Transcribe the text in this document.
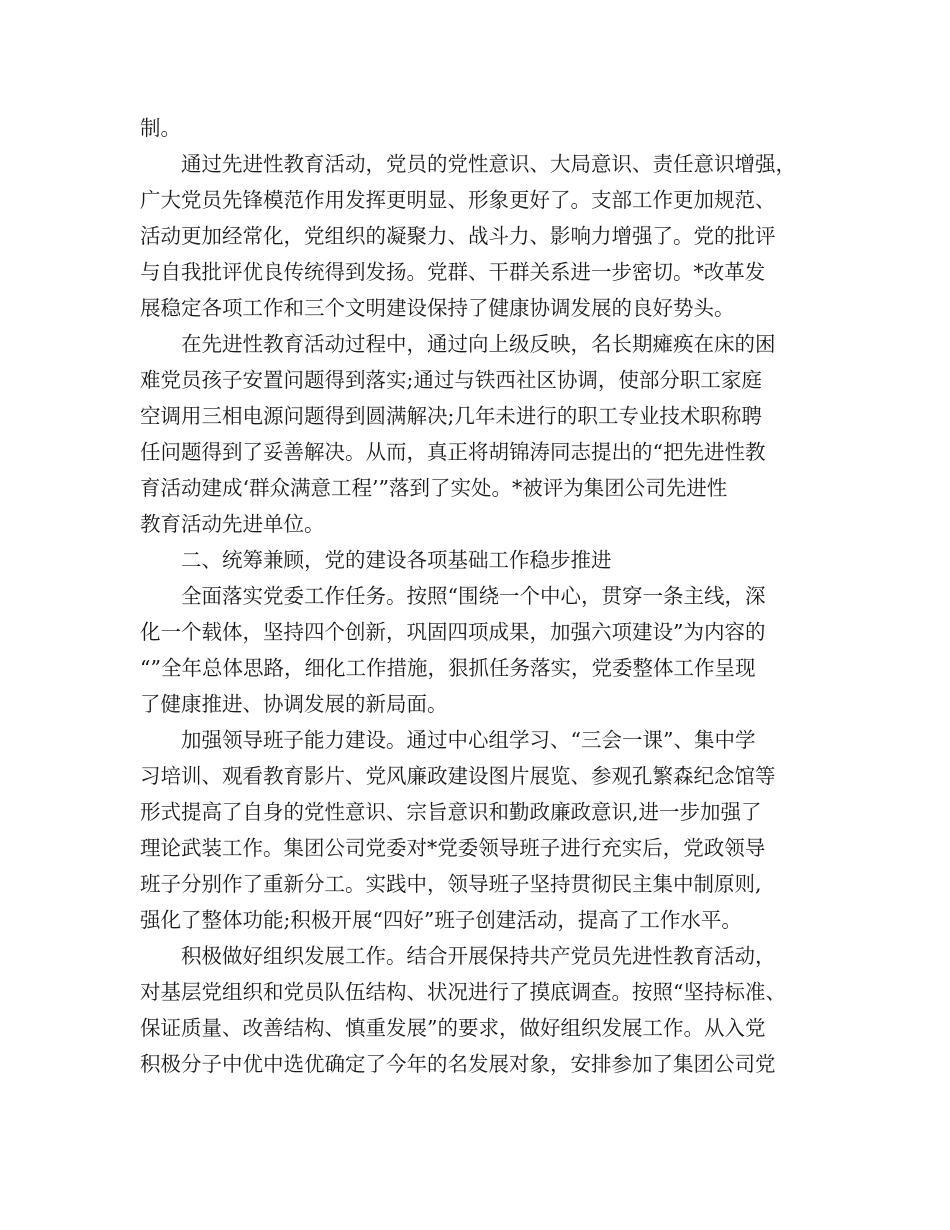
制。

通过先进性教育活动，党员的党性意识、大局意识、责任意识增强，

广大党员先锋模范作用发挥更明显、形象更好了。支部工作更加规范、

活动更加经常化，党组织的凝聚力、战斗力、影响力增强了。党的批评

与自我批评优良传统得到发扬。党群、干群关系进一步密切。*改革发

展稳定各项工作和三个文明建设保持了健康协调发展的良好势头。

在先进性教育活动过程中，通过向上级反映，名长期瘫痪在床的困

难党员孩子安置问题得到落实;通过与铁西社区协调，使部分职工家庭

空调用三相电源问题得到圆满解决;几年未进行的职工专业技术职称聘

任问题得到了妥善解决。从而，真正将胡锦涛同志提出的“把先进性教

育活动建成‘群众满意工程’”落到了实处。*被评为集团公司先进性

教育活动先进单位。

二、统筹兼顾，党的建设各项基础工作稳步推进

全面落实党委工作任务。按照“围绕一个中心，贯穿一条主线，深

化一个载体，坚持四个创新，巩固四项成果，加强六项建设”为内容的

“”全年总体思路，细化工作措施，狠抓任务落实，党委整体工作呈现

了健康推进、协调发展的新局面。

加强领导班子能力建设。通过中心组学习、“三会一课”、集中学

习培训、观看教育影片、党风廉政建设图片展览、参观孔繁森纪念馆等

形式提高了自身的党性意识、宗旨意识和勤政廉政意识,进一步加强了

理论武装工作。集团公司党委对*党委领导班子进行充实后，党政领导

班子分别作了重新分工。实践中，领导班子坚持贯彻民主集中制原则,

强化了整体功能;积极开展“四好”班子创建活动，提高了工作水平。

积极做好组织发展工作。结合开展保持共产党员先进性教育活动，

对基层党组织和党员队伍结构、状况进行了摸底调查。按照“坚持标准、

保证质量、改善结构、慎重发展”的要求，做好组织发展工作。从入党

积极分子中优中选优确定了今年的名发展对象，安排参加了集团公司党
